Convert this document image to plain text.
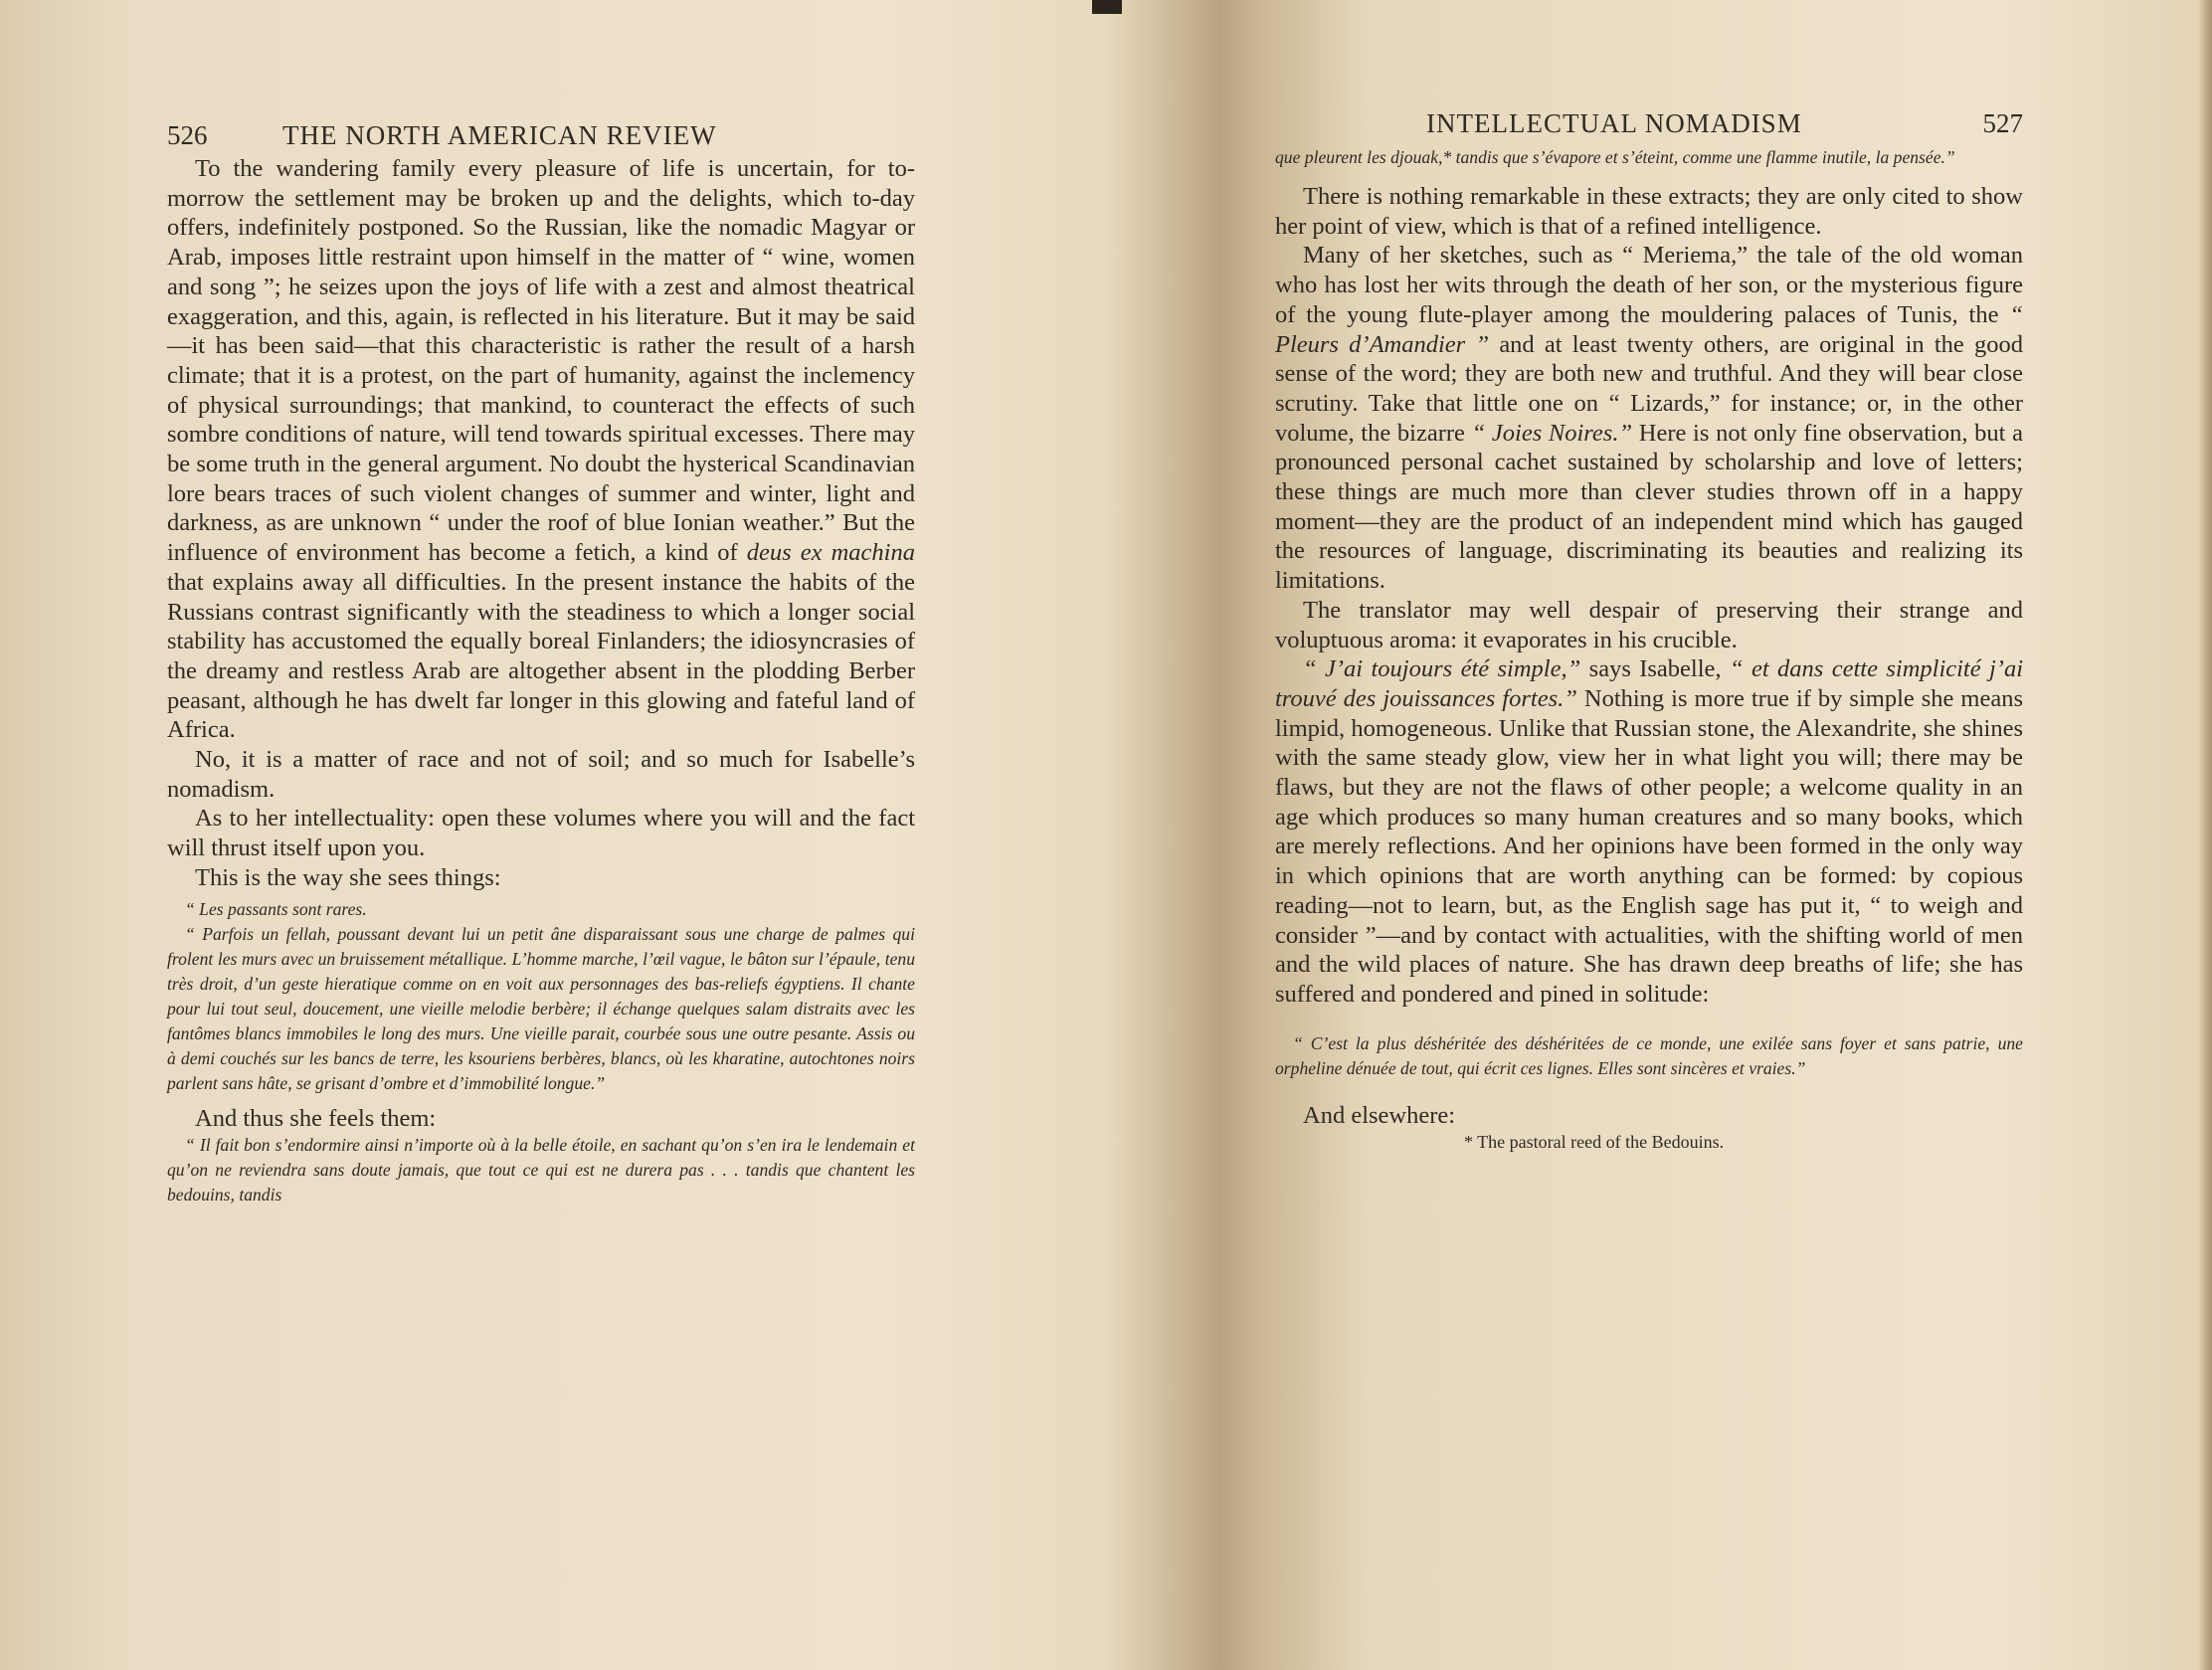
526	THE NORTH AMERICAN REVIEW

To the wandering family every pleasure of life is uncertain, for to-morrow the settlement may be broken up and the delights, which to-day offers, indefinitely postponed. So the Russian, like the nomadic Magyar or Arab, imposes little restraint upon himself in the matter of “ wine, women and song ”; he seizes upon the joys of life with a zest and almost theatrical exaggeration, and this, again, is reflected in his literature. But it may be said—it has been said—that this characteristic is rather the result of a harsh climate; that it is a protest, on the part of humanity, against the inclemency of physical surroundings; that mankind, to counteract the effects of such sombre conditions of nature, will tend towards spiritual excesses. There may be some truth in the general argument. No doubt the hysterical Scandinavian lore bears traces of such violent changes of summer and winter, light and darkness, as are unknown “ under the roof of blue Ionian weather.” But the influence of environment has become a fetich, a kind of deus ex machina that explains away all difficulties. In the present instance the habits of the Russians contrast significantly with the steadiness to which a longer social stability has accustomed the equally boreal Finlanders; the idiosyncrasies of the dreamy and restless Arab are altogether absent in the plodding Berber peasant, although he has dwelt far longer in this glowing and fateful land of Africa.

No, it is a matter of race and not of soil; and so much for Isabelle’s nomadism.

As to her intellectuality: open these volumes where you will and the fact will thrust itself upon you.

This is the way she sees things:

“ Les passants sont rares.

“ Parfois un fellah, poussant devant lui un petit âne disparaissant sous une charge de palmes qui frolent les murs avec un bruissement métallique. L’homme marche, l’œil vague, le bâton sur l’épaule, tenu très droit, d’un geste hieratique comme on en voit aux personnages des bas-reliefs égyptiens. Il chante pour lui tout seul, doucement, une vieille melodie berbère; il échange quelques salam distraits avec les fantômes blancs immobiles le long des murs. Une vieille parait, courbée sous une outre pesante. Assis ou à demi couchés sur les bancs de terre, les ksouriens berbères, blancs, où les kharatine, autochtones noirs parlent sans hâte, se grisant d’ombre et d’immobilité longue.”

And thus she feels them:

“ Il fait bon s’endormire ainsi n’importe où à la belle étoile, en sachant qu’on s’en ira le lendemain et qu’on ne reviendra sans doute jamais, que tout ce qui est ne durera pas . . . tandis que chantent les bedouins, tandis

INTELLECTUAL NOMADISM	527

que pleurent les djouak,* tandis que s’évapore et s’éteint, comme une flamme inutile, la pensée.”

There is nothing remarkable in these extracts; they are only cited to show her point of view, which is that of a refined intelligence.

Many of her sketches, such as “ Meriema,” the tale of the old woman who has lost her wits through the death of her son, or the mysterious figure of the young flute-player among the mouldering palaces of Tunis, the “ Pleurs d’Amandier ” and at least twenty others, are original in the good sense of the word; they are both new and truthful. And they will bear close scrutiny. Take that little one on “ Lizards,” for instance; or, in the other volume, the bizarre “ Joies Noires.” Here is not only fine observation, but a pronounced personal cachet sustained by scholarship and love of letters; these things are much more than clever studies thrown off in a happy moment—they are the product of an independent mind which has gauged the resources of language, discriminating its beauties and realizing its limitations.

The translator may well despair of preserving their strange and voluptuous aroma: it evaporates in his crucible.

“ J’ai toujours été simple,” says Isabelle, “ et dans cette simplicité j’ai trouvé des jouissances fortes.” Nothing is more true if by simple she means limpid, homogeneous. Unlike that Russian stone, the Alexandrite, she shines with the same steady glow, view her in what light you will; there may be flaws, but they are not the flaws of other people; a welcome quality in an age which produces so many human creatures and so many books, which are merely reflections. And her opinions have been formed in the only way in which opinions that are worth anything can be formed: by copious reading—not to learn, but, as the English sage has put it, “ to weigh and consider ”—and by contact with actualities, with the shifting world of men and the wild places of nature. She has drawn deep breaths of life; she has suffered and pondered and pined in solitude:

“ C’est la plus déshéritée des déshéritées de ce monde, une exilée sans foyer et sans patrie, une orpheline dénuée de tout, qui écrit ces lignes. Elles sont sincères et vraies.”

And elsewhere:

* The pastoral reed of the Bedouins.
